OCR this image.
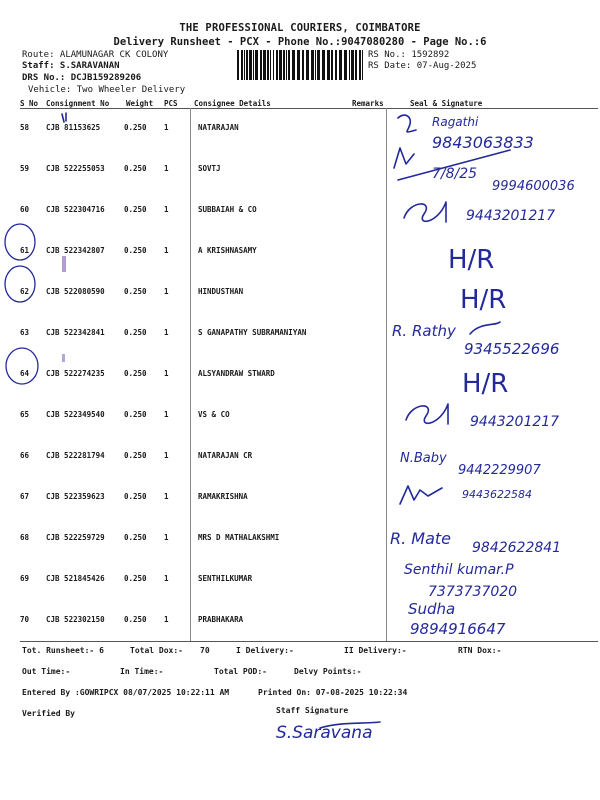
THE PROFESSIONAL COURIERS, COIMBATORE
Delivery Runsheet - PCX - Phone No.:9047080280 - Page No.:6
Route: ALAMUNAGAR CK COLONY
Staff: S.SARAVANAN
DRS No.: DCJB159289206
Vehicle: Two Wheeler Delivery
RS No.: 1592892
RS Date: 07-Aug-2025
S No Consignment No Weight PCS Consignee Details	Remarks	Seal & Signature
58 CJB 81153625	0.250 1	NATARAJAN
59 CJB 522255053	0.250 1	SOVTJ
60 CJB 522304716	0.250 1	SUBBAIAH & CO
61 CJB 522342807	0.250 1	A KRISHNASAMY
62 CJB 522080590	0.250 1	HINDUSTHAN
63 CJB 522342841	0.250 1	S GANAPATHY SUBRAMANIYAN
64 CJB 522274235	0.250 1	ALSYANDRAW STWARD
65 CJB 522349540	0.250 1	VS & CO
66 CJB 522281794	0.250 1	NATARAJAN CR
67 CJB 522359623	0.250 1	RAMAKRISHNA
68 CJB 522259729	0.250 1	MRS D MATHALAKSHMI
69 CJB 521845426	0.250 1	SENTHILKUMAR
70 CJB 522302150	0.250 1	PRABHAKARA
Tot. Runsheet:- 6	Total Dox:- 70	I Delivery:-	II Delivery:-	RTN Dox:-
Out Time:-	In Time:-	Total POD:-	Delvy Points:-
Entered By :GOWRIPCX 08/07/2025 10:22:11 AM	Printed On: 07-08-2025 10:22:34
Verified By	Staff Signature
Ragathi
9843063833
7/8/25
9994600036
9443201217
H/R
H/R
R. Rathy
9345522696
H/R
9443201217
N.Baby
9442229907
9443622584
R. Mate 9842622841
Senthil kumar.P
7373737020
Sudha
9894916647
S.Saravana
